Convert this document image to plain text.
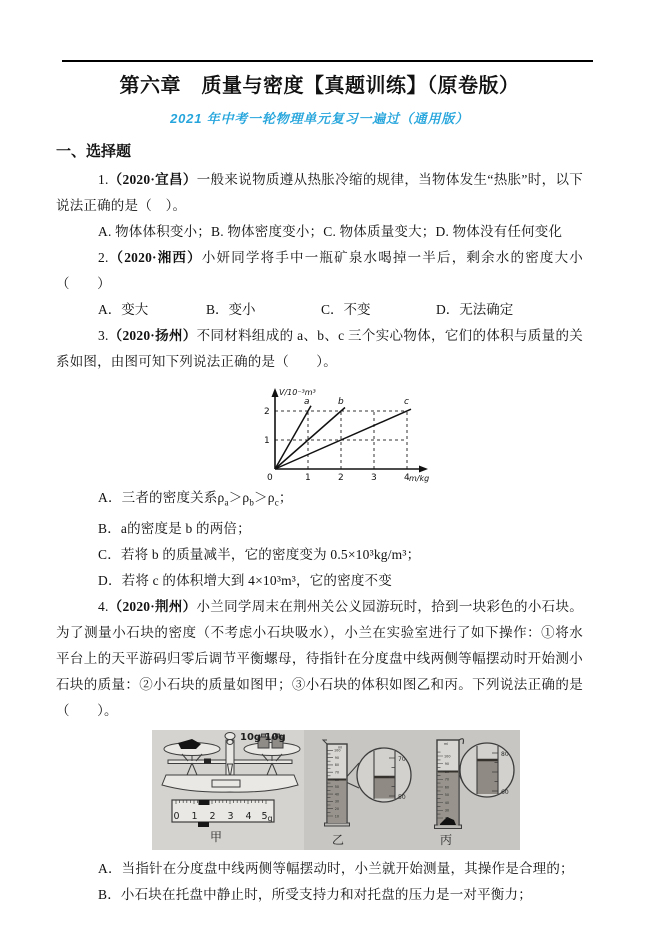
第六章　质量与密度【真题训练】（原卷版）
2021 年中考一轮物理单元复习一遍过（通用版）
一、选择题

1.（2020·宜昌）一般来说物质遵从热胀冷缩的规律，当物体发生“热胀”时，以下说法正确的是（　）。

A. 物体体积变小；B. 物体密度变小；C. 物体质量变大；D. 物体没有任何变化

2.（2020·湘西）小妍同学将手中一瓶矿泉水喝掉一半后，剩余水的密度大小（　　）

A．变大	B．变小	C．不变	D．无法确定

3.（2020·扬州）不同材料组成的 a、b、c 三个实心物体，它们的体积与质量的关系如图，由图可知下列说法正确的是（　　）。

V/10⁻³m³
m/kg
a	b	c
0	1	2	3	4
1
2

A．三者的密度关系$\rho_a>\rho_b>\rho_c$；

B．a的密度是 b 的两倍；

C．若将 b 的质量减半，它的密度变为 0.5×10³kg/m³；

D．若将 c 的体积增大到 4×10³m³，它的密度不变

4.（2020·荆州）小兰同学周末在荆州关公义园游玩时，拾到一块彩色的小石块。为了测量小石块的密度（不考虑小石块吸水），小兰在实验室进行了如下操作：①将水平台上的天平游码归零后调节平衡螺母，待指针在分度盘中线两侧等幅摆动时开始测小石块的质量：②小石块的质量如图甲；③小石块的体积如图乙和丙。下列说法正确的是（　　）。

10g 10g
0 1 2 3 4 5 g
甲
ml
100
90
80
70
60
50
40
30
20
10
70
50
乙
ml
100
90
80
70
60
50
40
30
20
80
60
丙

A．当指针在分度盘中线两侧等幅摆动时，小兰就开始测量，其操作是合理的；

B．小石块在托盘中静止时，所受支持力和对托盘的压力是一对平衡力；
